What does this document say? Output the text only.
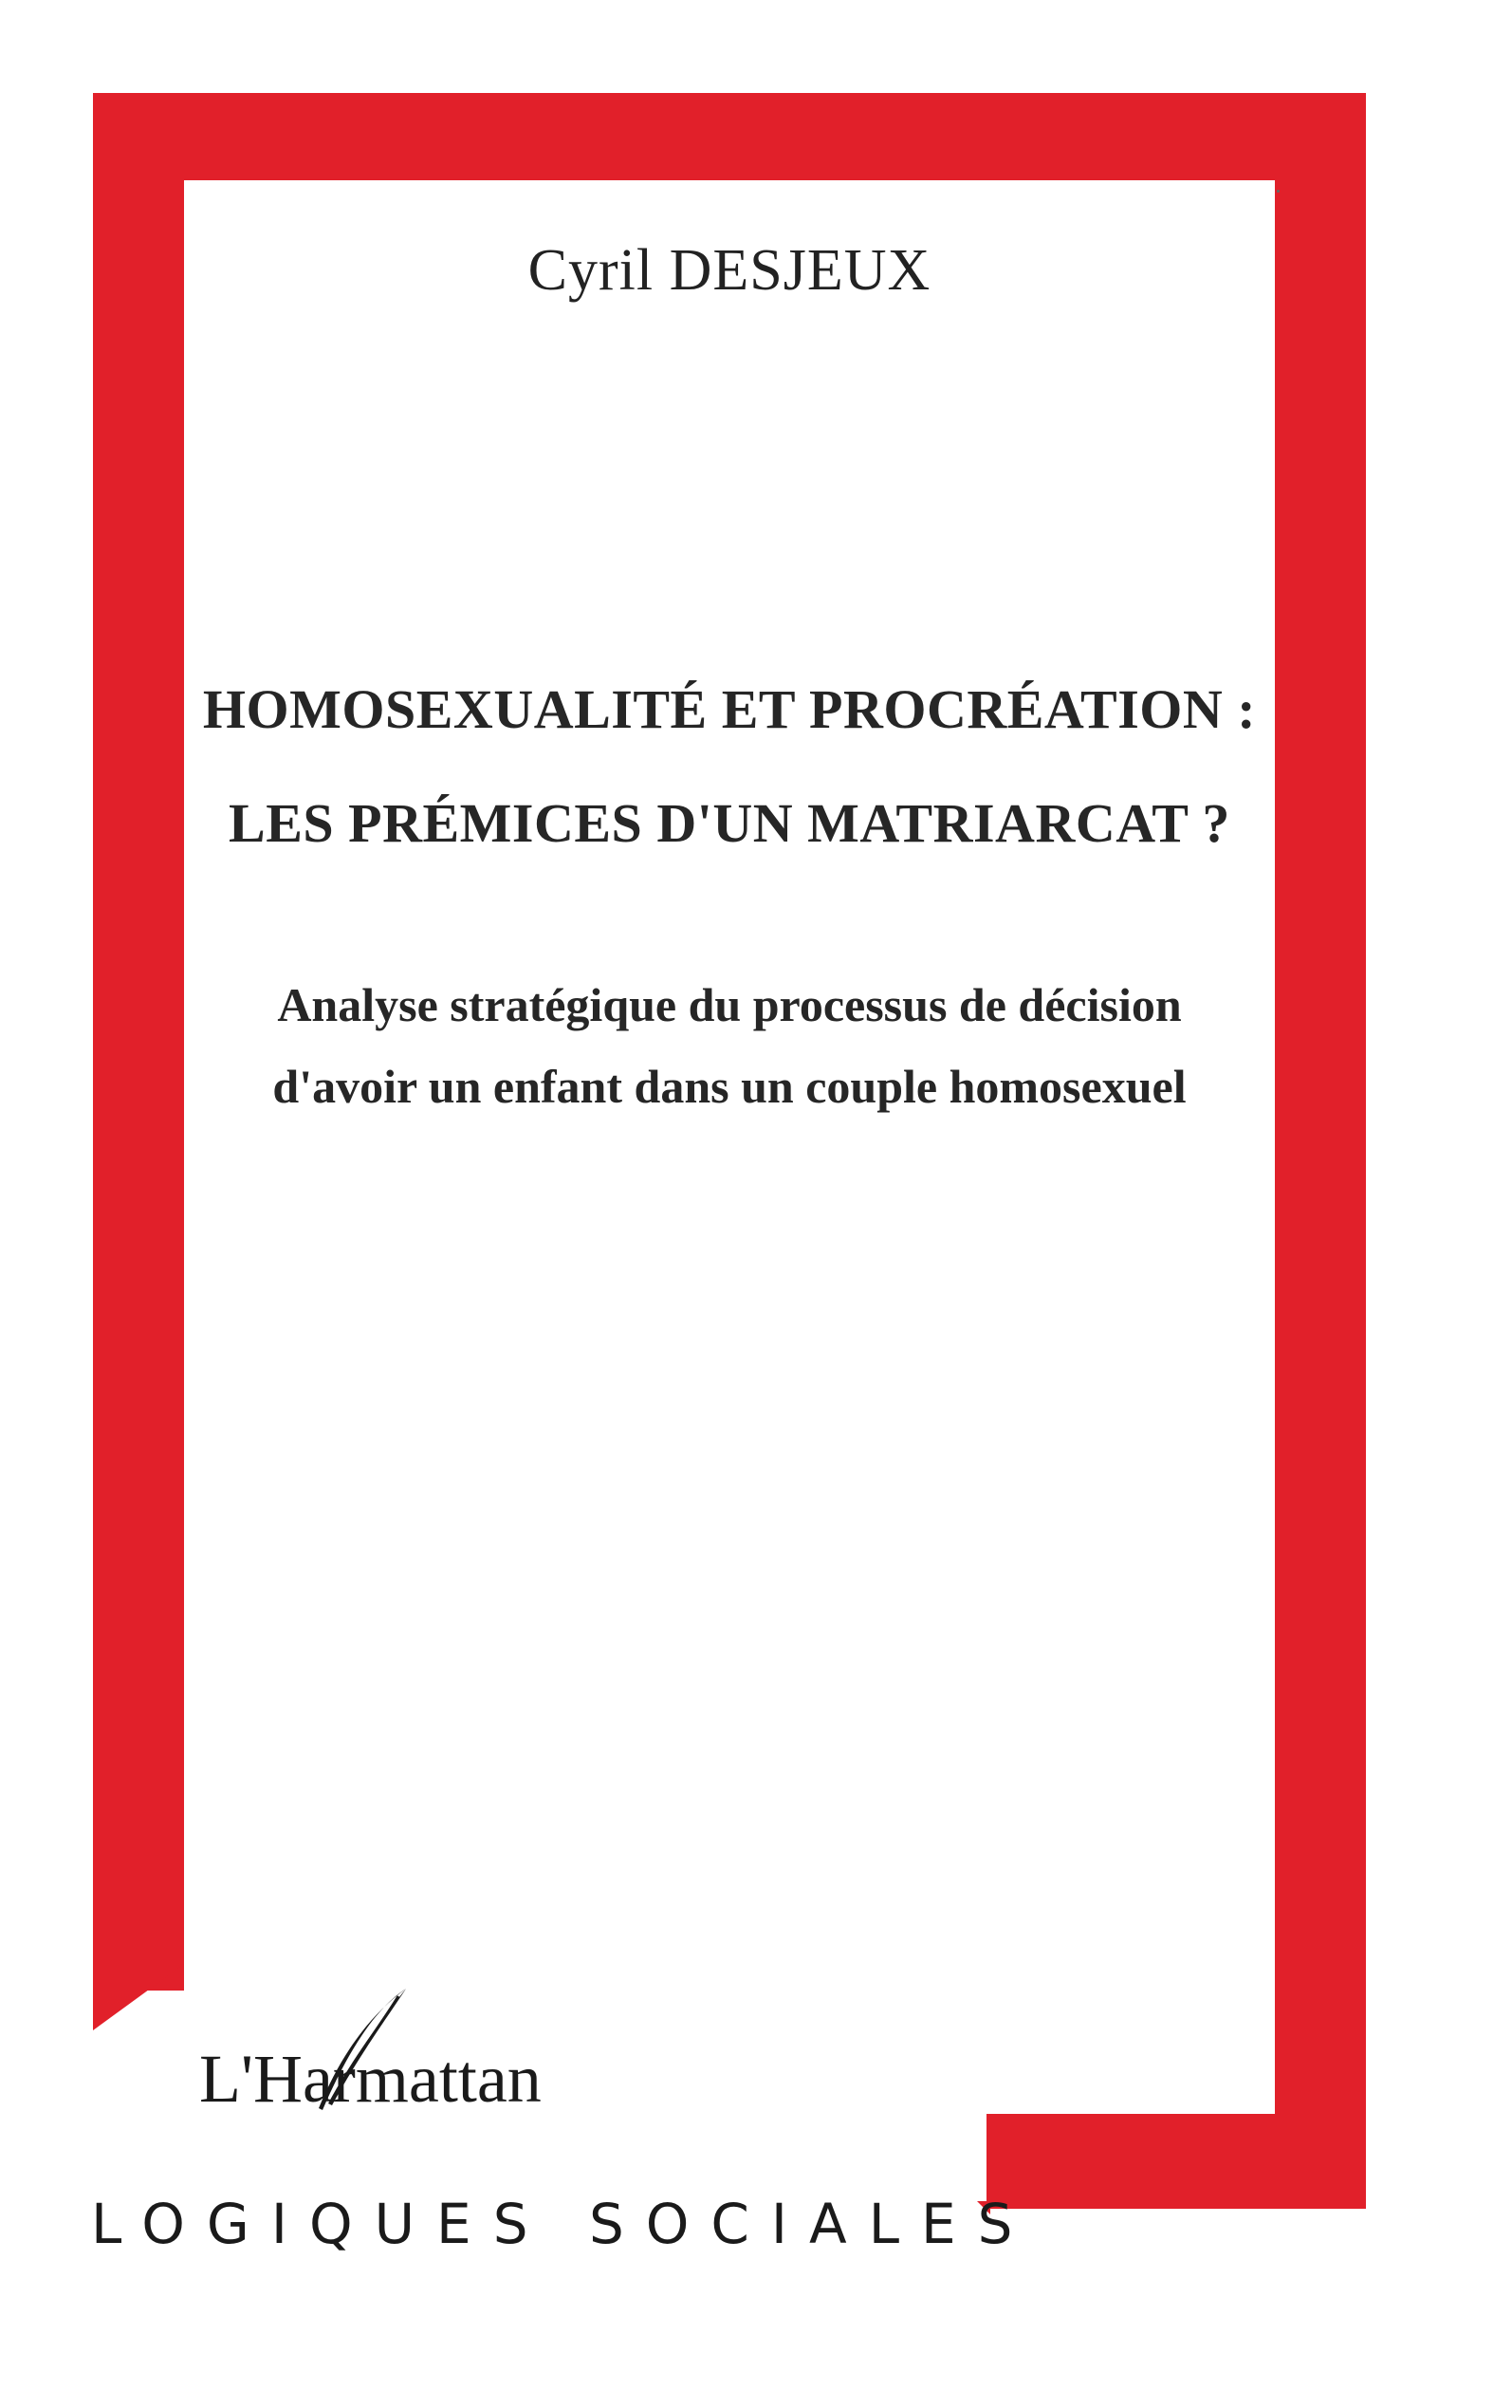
Cyril DESJEUX
HOMOSEXUALITÉ ET PROCRÉATION :
LES PRÉMICES D'UN MATRIARCAT ?
Analyse stratégique du processus de décision
d'avoir un enfant dans un couple homosexuel
L'Harmattan
LOGIQUES SOCIALES
